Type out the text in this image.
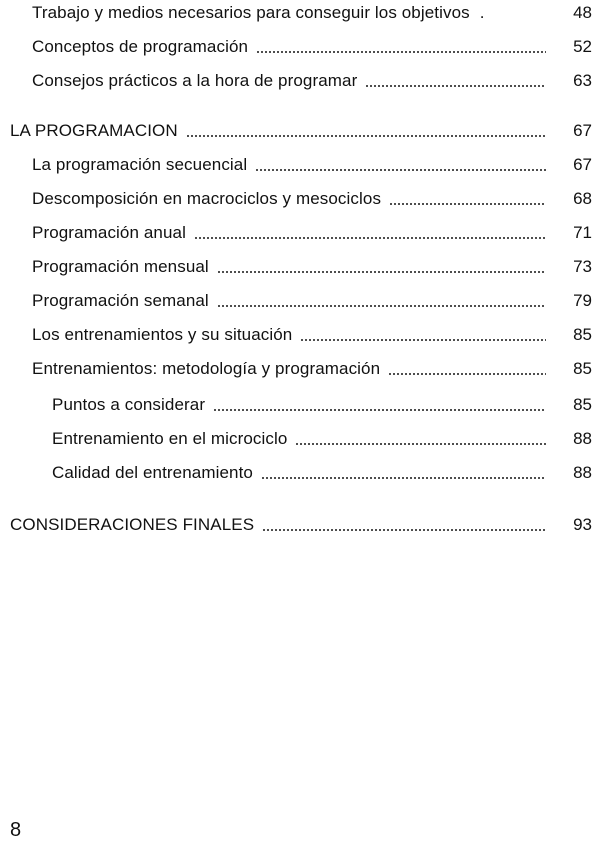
Trabajo y medios necesarios para conseguir los objetivos .	48
Conceptos de programación	52
Consejos prácticos a la hora de programar	63
LA PROGRAMACION	67
La programación secuencial	67
Descomposición en macrociclos y mesociclos	68
Programación anual	71
Programación mensual	73
Programación semanal	79
Los entrenamientos y su situación	85
Entrenamientos: metodología y programación	85
Puntos a considerar	85
Entrenamiento en el microciclo	88
Calidad del entrenamiento	88
CONSIDERACIONES FINALES	93
8
